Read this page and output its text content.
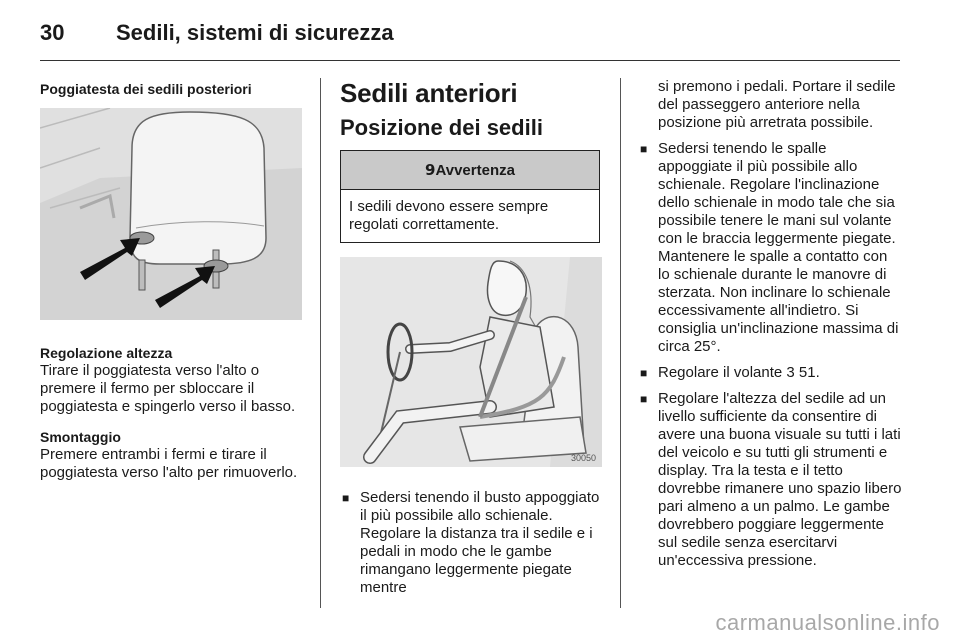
30 Sedili, sistemi di sicurezza

Poggiatesta dei sedili posteriori

Regolazione altezza

Tirare il poggiatesta verso l'alto o premere il fermo per sbloccare il poggiatesta e spingerlo verso il basso.

Smontaggio

Premere entrambi i fermi e tirare il poggiatesta verso l'alto per rimuoverlo.

Sedili anteriori

Posizione dei sedili

9Avvertenza
I sedili devono essere sempre regolati correttamente.
30050
■ Sedersi tenendo il busto appoggiato il più possibile allo schienale. Regolare la distanza tra il sedile e i pedali in modo che le gambe rimangano leggermente piegate mentre
si premono i pedali. Portare il sedile del passeggero anteriore nella posizione più arretrata possibile.
■ Sedersi tenendo le spalle appoggiate il più possibile allo schienale. Regolare l'inclinazione dello schienale in modo tale che sia possibile tenere le mani sul volante con le braccia leggermente piegate. Mantenere le spalle a contatto con lo schienale durante le manovre di sterzata. Non inclinare lo schienale eccessivamente all'indietro. Si consiglia un'inclinazione massima di circa 25°.
■ Regolare il volante 3 51.
■ Regolare l'altezza del sedile ad un livello sufficiente da consentire di avere una buona visuale su tutti i lati del veicolo e su tutti gli strumenti e display. Tra la testa e il tetto dovrebbe rimanere uno spazio libero pari almeno a un palmo. Le gambe dovrebbero poggiare leggermente sul sedile senza esercitarvi un'eccessiva pressione.
carmanualsonline.info
